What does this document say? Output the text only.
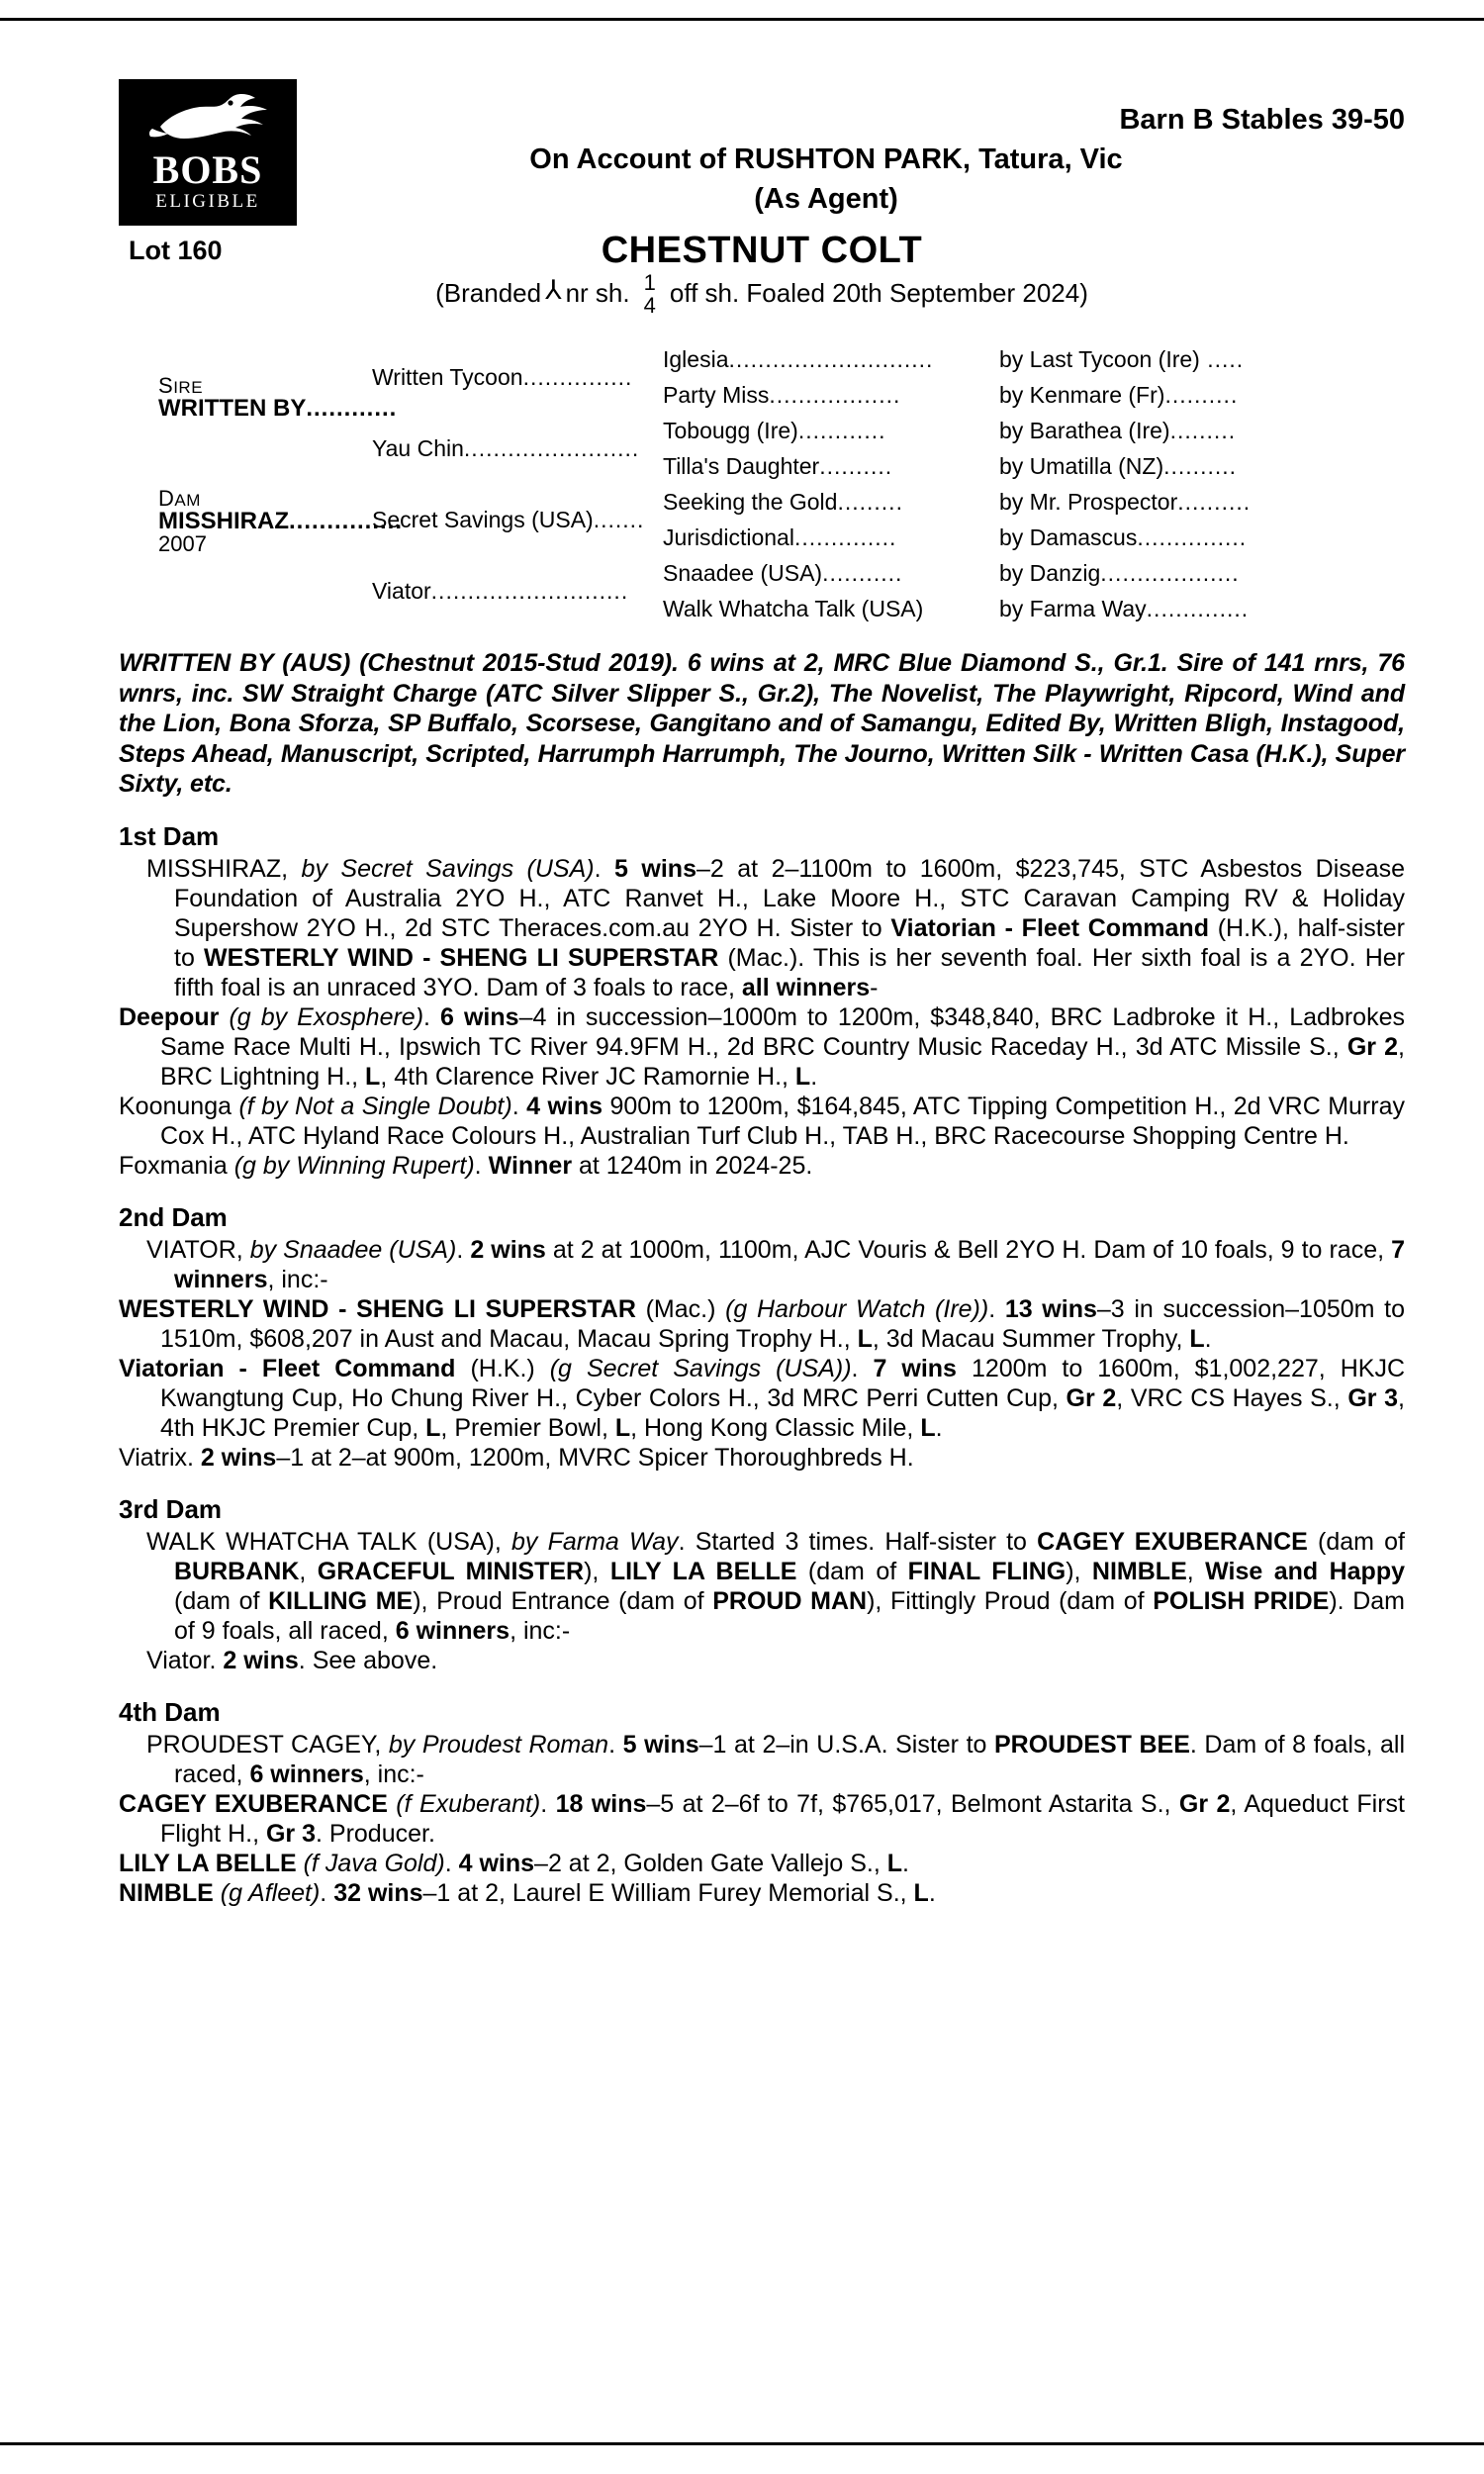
BOBS
ELIGIBLE
Barn B Stables 39-50
On Account of RUSHTON PARK, Tatura, Vic
(As Agent)
Lot 160	CHESTNUT COLT
(Branded ⅄ nr sh. 1
4 off sh. Foaled 20th September 2024)
SIRE
WRITTEN BY............
DAM
MISSHIRAZ...............
2007
Written Tycoon...............
Yau Chin........................
Secret Savings (USA).......
Viator...........................
Iglesia............................
Party Miss..................
Tobougg (Ire)............
Tilla's Daughter..........
Seeking the Gold.........
Jurisdictional..............
Snaadee (USA)...........
Walk Whatcha Talk (USA)
by Last Tycoon (Ire) .....
by Kenmare (Fr)..........
by Barathea (Ire).........
by Umatilla (NZ)..........
by Mr. Prospector..........
by Damascus...............
by Danzig...................
by Farma Way..............
WRITTEN BY (AUS) (Chestnut 2015-Stud 2019). 6 wins at 2, MRC Blue Diamond S., Gr.1. Sire of 141 rnrs, 76 wnrs, inc. SW Straight Charge (ATC Silver Slipper S., Gr.2), The Novelist, The Playwright, Ripcord, Wind and the Lion, Bona Sforza, SP Buffalo, Scorsese, Gangitano and of Samangu, Edited By, Written Bligh, Instagood, Steps Ahead, Manuscript, Scripted, Harrumph Harrumph, The Journo, Written Silk - Written Casa (H.K.), Super Sixty, etc.
1st Dam
MISSHIRAZ, by Secret Savings (USA). 5 wins–2 at 2–1100m to 1600m, $223,745, STC Asbestos Disease Foundation of Australia 2YO H., ATC Ranvet H., Lake Moore H., STC Caravan Camping RV & Holiday Supershow 2YO H., 2d STC Theraces.com.au 2YO H. Sister to Viatorian - Fleet Command (H.K.), half-sister to WESTERLY WIND - SHENG LI SUPERSTAR (Mac.). This is her seventh foal. Her sixth foal is a 2YO. Her fifth foal is an unraced 3YO. Dam of 3 foals to race, all winners-
Deepour (g by Exosphere). 6 wins–4 in succession–1000m to 1200m, $348,840, BRC Ladbroke it H., Ladbrokes Same Race Multi H., Ipswich TC River 94.9FM H., 2d BRC Country Music Raceday H., 3d ATC Missile S., Gr 2, BRC Lightning H., L, 4th Clarence River JC Ramornie H., L.
Koonunga (f by Not a Single Doubt). 4 wins 900m to 1200m, $164,845, ATC Tipping Competition H., 2d VRC Murray Cox H., ATC Hyland Race Colours H., Australian Turf Club H., TAB H., BRC Racecourse Shopping Centre H.
Foxmania (g by Winning Rupert). Winner at 1240m in 2024-25.
2nd Dam
VIATOR, by Snaadee (USA). 2 wins at 2 at 1000m, 1100m, AJC Vouris & Bell 2YO H. Dam of 10 foals, 9 to race, 7 winners, inc:-
WESTERLY WIND - SHENG LI SUPERSTAR (Mac.) (g Harbour Watch (Ire)). 13 wins–3 in succession–1050m to 1510m, $608,207 in Aust and Macau, Macau Spring Trophy H., L, 3d Macau Summer Trophy, L.
Viatorian - Fleet Command (H.K.) (g Secret Savings (USA)). 7 wins 1200m to 1600m, $1,002,227, HKJC Kwangtung Cup, Ho Chung River H., Cyber Colors H., 3d MRC Perri Cutten Cup, Gr 2, VRC CS Hayes S., Gr 3, 4th HKJC Premier Cup, L, Premier Bowl, L, Hong Kong Classic Mile, L.
Viatrix. 2 wins–1 at 2–at 900m, 1200m, MVRC Spicer Thoroughbreds H.
3rd Dam
WALK WHATCHA TALK (USA), by Farma Way. Started 3 times. Half-sister to CAGEY EXUBERANCE (dam of BURBANK, GRACEFUL MINISTER), LILY LA BELLE (dam of FINAL FLING), NIMBLE, Wise and Happy (dam of KILLING ME), Proud Entrance (dam of PROUD MAN), Fittingly Proud (dam of POLISH PRIDE). Dam of 9 foals, all raced, 6 winners, inc:-
Viator. 2 wins. See above.
4th Dam
PROUDEST CAGEY, by Proudest Roman. 5 wins–1 at 2–in U.S.A. Sister to PROUDEST BEE. Dam of 8 foals, all raced, 6 winners, inc:-
CAGEY EXUBERANCE (f Exuberant). 18 wins–5 at 2–6f to 7f, $765,017, Belmont Astarita S., Gr 2, Aqueduct First Flight H., Gr 3. Producer.
LILY LA BELLE (f Java Gold). 4 wins–2 at 2, Golden Gate Vallejo S., L.
NIMBLE (g Afleet). 32 wins–1 at 2, Laurel E William Furey Memorial S., L.
